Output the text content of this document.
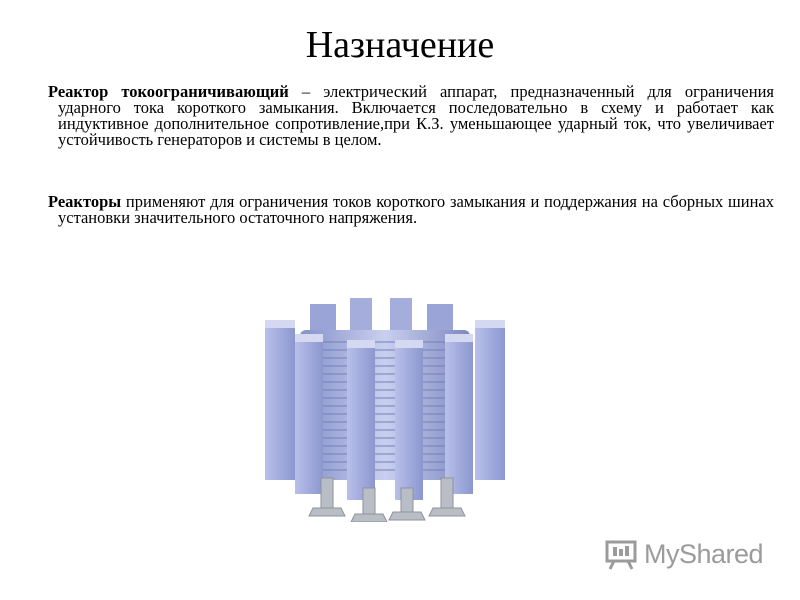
Назначение

Реактор токоограничивающий – электрический аппарат, предназначенный для ограничения ударного тока короткого замыкания. Включается последовательно в схему и работает как индуктивное дополнительное сопротивление,при К.З. уменьшающее ударный ток, что увеличивает устойчивость генераторов и системы в целом.

Реакторы применяют для ограничения токов короткого замыкания и поддержания на сборных шинах установки значительного остаточного напряжения.

MyShared
